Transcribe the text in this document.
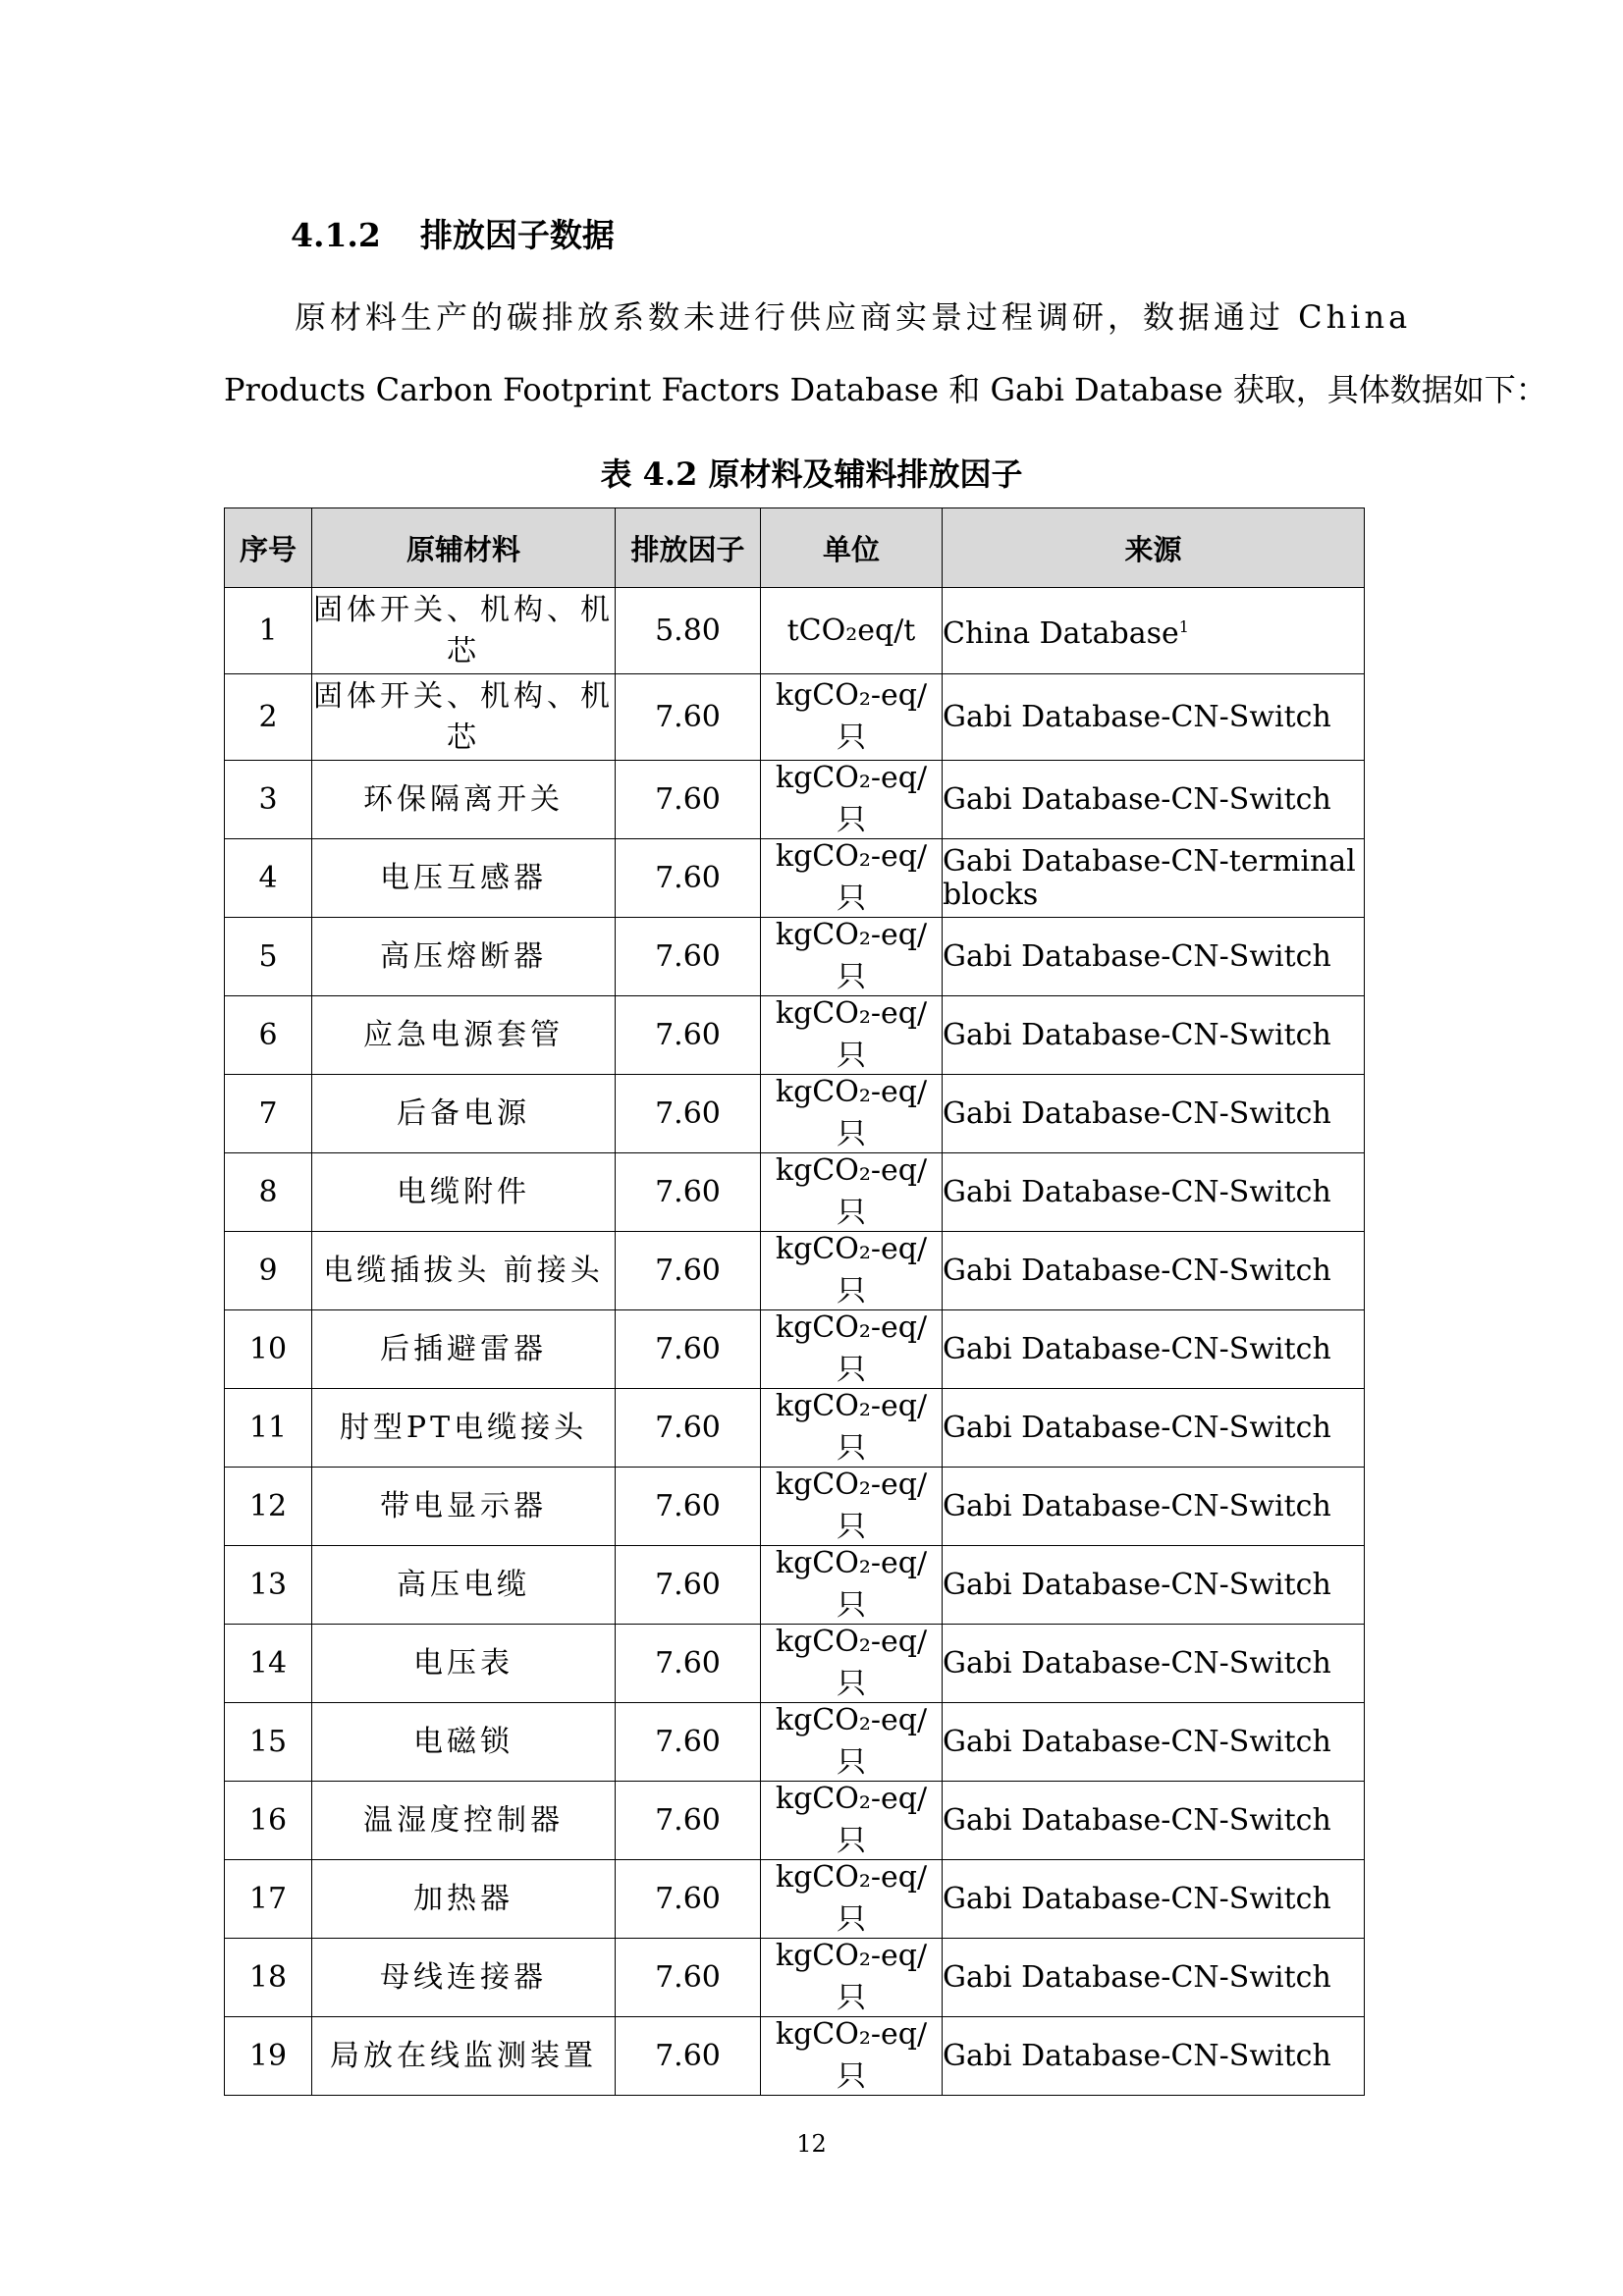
4.1.2 排放因子数据
原材料生产的碳排放系数未进行供应商实景过程调研，数据通过 China
Products Carbon Footprint Factors Database 和 Gabi Database 获取，具体数据如下：
表 4.2 原材料及辅料排放因子
序号	原辅材料	排放因子	单位	来源
1	固体开关、机构、机芯	5.80	tCO₂eq/t	China Database$^1$
2	固体开关、机构、机芯	7.60	kgCO₂-eq/只	Gabi Database-CN-Switch
3	环保隔离开关	7.60	kgCO₂-eq/只	Gabi Database-CN-Switch
4	电压互感器	7.60	kgCO₂-eq/只	Gabi Database-CN-terminal blocks
5	高压熔断器	7.60	kgCO₂-eq/只	Gabi Database-CN-Switch
6	应急电源套管	7.60	kgCO₂-eq/只	Gabi Database-CN-Switch
7	后备电源	7.60	kgCO₂-eq/只	Gabi Database-CN-Switch
8	电缆附件	7.60	kgCO₂-eq/只	Gabi Database-CN-Switch
9	电缆插拔头 前接头	7.60	kgCO₂-eq/只	Gabi Database-CN-Switch
10	后插避雷器	7.60	kgCO₂-eq/只	Gabi Database-CN-Switch
11	肘型PT电缆接头	7.60	kgCO₂-eq/只	Gabi Database-CN-Switch
12	带电显示器	7.60	kgCO₂-eq/只	Gabi Database-CN-Switch
13	高压电缆	7.60	kgCO₂-eq/只	Gabi Database-CN-Switch
14	电压表	7.60	kgCO₂-eq/只	Gabi Database-CN-Switch
15	电磁锁	7.60	kgCO₂-eq/只	Gabi Database-CN-Switch
16	温湿度控制器	7.60	kgCO₂-eq/只	Gabi Database-CN-Switch
17	加热器	7.60	kgCO₂-eq/只	Gabi Database-CN-Switch
18	母线连接器	7.60	kgCO₂-eq/只	Gabi Database-CN-Switch
19	局放在线监测装置	7.60	kgCO₂-eq/只	Gabi Database-CN-Switch
12
